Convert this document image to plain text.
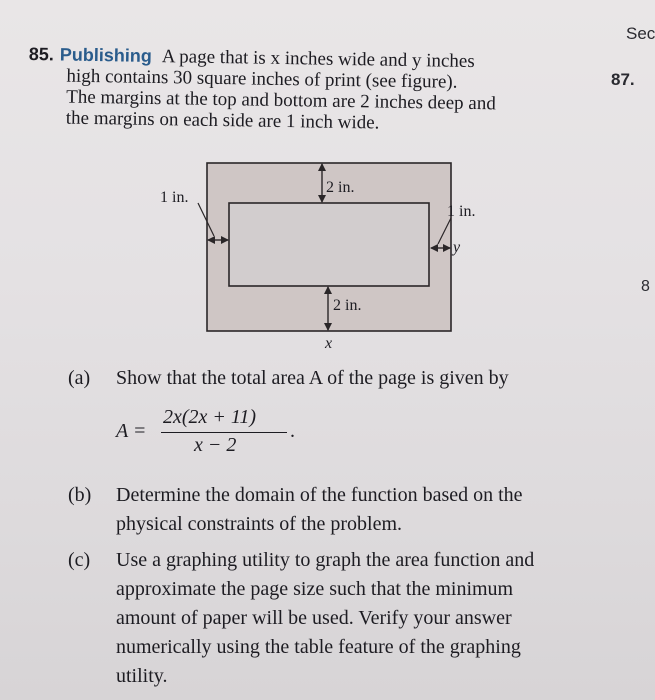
Sec
87.
8
85. Publishing A page that is x inches wide and y inches
high contains 30 square inches of print (see figure).
The margins at the top and bottom are 2 inches deep and
the margins on each side are 1 inch wide.
2 in.
2 in.
1 in.
1 in.
y
x
(a) Show that the total area A of the page is given by
A =
2x(2x + 11)
x − 2
.
(b) Determine the domain of the function based on the
physical constraints of the problem.
(c) Use a graphing utility to graph the area function and
approximate the page size such that the minimum
amount of paper will be used. Verify your answer
numerically using the table feature of the graphing
utility.
